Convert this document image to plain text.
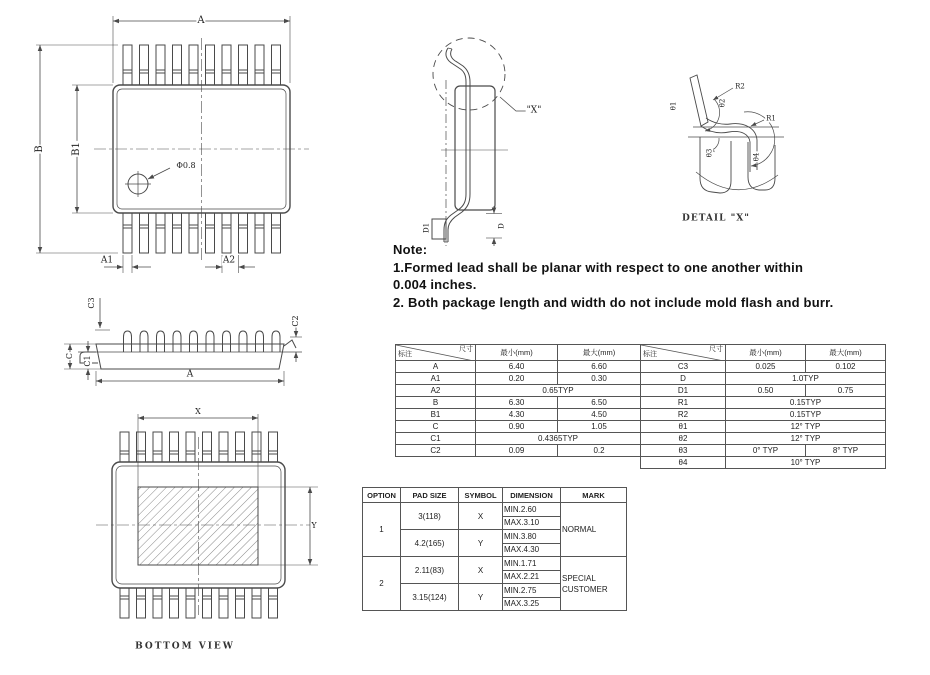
A
B	B1
Φ0.8
A1	A2
C3
C C1
C2
A
X
Y
BOTTOM VIEW
"X"
D1	D
R2
R1
θ1	θ2
θ3	θ4
DETAIL "X"
Note:
1.Formed lead shall be planar with respect to one another within
0.004 inches.
2. Both package length and width do not include mold flash and burr.
尺寸
标注	最小(mm)	最大(mm)
A	6.40	6.60
A1	0.20	0.30
A2	0.65TYP	
B	6.30	6.50
B1	4.30	4.50
C	0.90	1.05
C1	0.4365TYP	
C2	0.09	0.2
尺寸
标注	最小(mm)	最大(mm)
C3	0.025	0.102
D	1.0TYP	
D1	0.50	0.75
R1	0.15TYP	
R2	0.15TYP	
θ1	12° TYP	
θ2	12° TYP	
θ3	0° TYP	8° TYP
θ4	10° TYP	
OPTION	PAD SIZE	SYMBOL	DIMENSION	MARK
1	3(118)	X	MIN.2.60	NORMAL
			MAX.3.10	
	4.2(165)	Y	MIN.3.80	
			MAX.4.30	
2	2.11(83)	X	MIN.1.71	SPECIAL CUSTOMER
			MAX.2.21	
	3.15(124)	Y	MIN.2.75	
			MAX.3.25	
